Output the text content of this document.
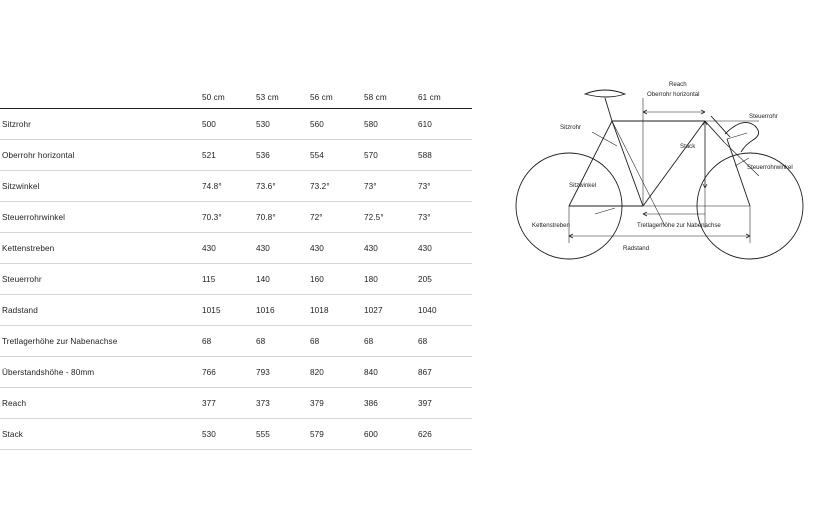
	50 cm	53 cm	56 cm	58 cm	61 cm
Sitzrohr	500	530	560	580	610
Oberrohr horizontal	521	536	554	570	588
Sitzwinkel	74.8°	73.6°	73.2°	73°	73°
Steuerrohrwinkel	70.3°	70.8°	72°	72.5°	73°
Kettenstreben	430	430	430	430	430
Steuerrohr	115	140	160	180	205
Radstand	1015	1016	1018	1027	1040
Tretlagerhöhe zur Nabenachse	68	68	68	68	68
Überstandshöhe - 80mm	766	793	820	840	867
Reach	377	373	379	386	397
Stack	530	555	579	600	626
Reach
Oberrohr horizontal
Steuerrohr
Sitzrohr
Stack
Sitzwinkel
Steuerrohrwinkel
Kettenstreben	Tretlagerhöhe zur Nabenachse
Radstand
